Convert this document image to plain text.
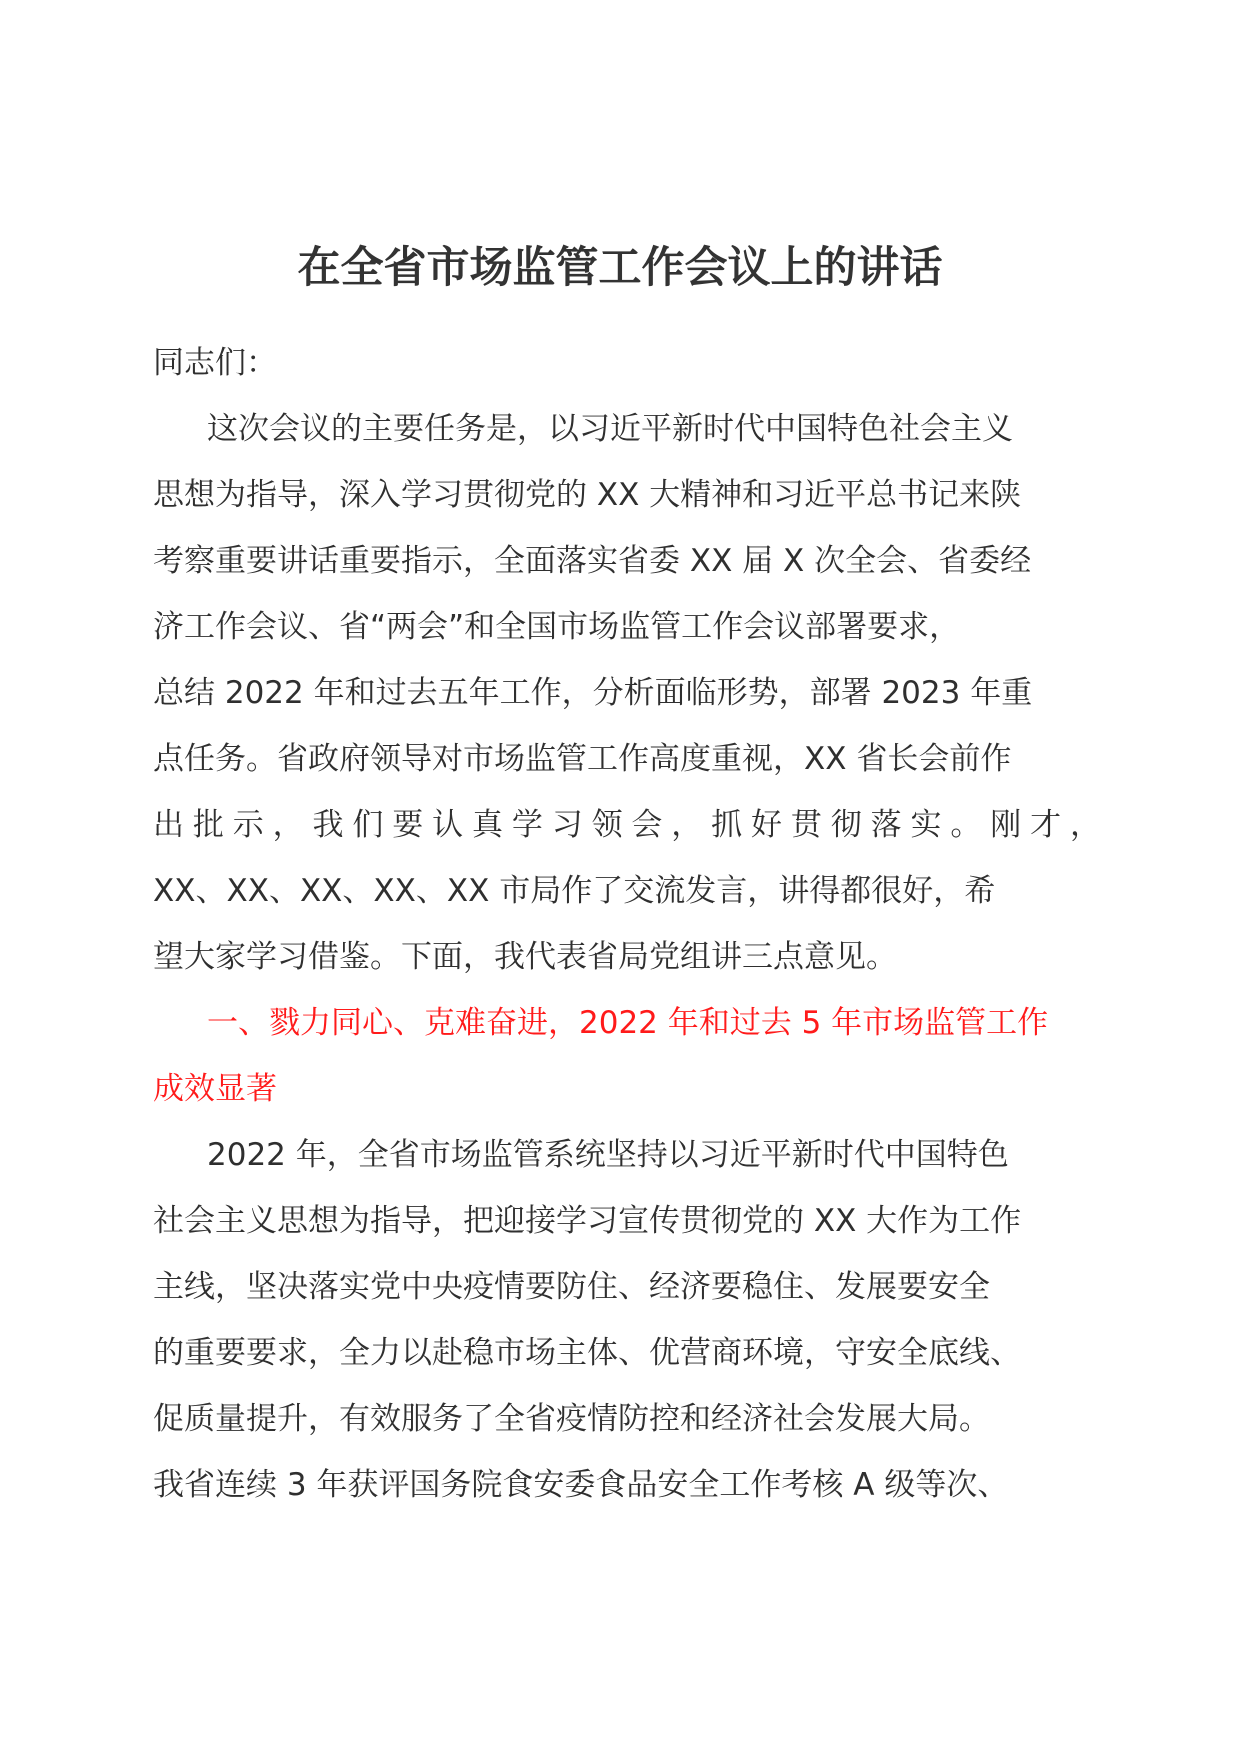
在全省市场监管工作会议上的讲话
同志们：
这次会议的主要任务是，以习近平新时代中国特色社会主义
思想为指导，深入学习贯彻党的 XX 大精神和习近平总书记来陕
考察重要讲话重要指示，全面落实省委 XX 届 X 次全会、省委经
济工作会议、省“两会”和全国市场监管工作会议部署要求，
总结 2022 年和过去五年工作，分析面临形势，部署 2023 年重
点任务。省政府领导对市场监管工作高度重视，XX 省长会前作
出批示，我们要认真学习领会，抓好贯彻落实。刚才，
XX、XX、XX、XX、XX 市局作了交流发言，讲得都很好，希
望大家学习借鉴。下面，我代表省局党组讲三点意见。
一、戮力同心、克难奋进，2022 年和过去 5 年市场监管工作
成效显著
2022 年，全省市场监管系统坚持以习近平新时代中国特色
社会主义思想为指导，把迎接学习宣传贯彻党的 XX 大作为工作
主线，坚决落实党中央疫情要防住、经济要稳住、发展要安全
的重要要求，全力以赴稳市场主体、优营商环境，守安全底线、
促质量提升，有效服务了全省疫情防控和经济社会发展大局。
我省连续 3 年获评国务院食安委食品安全工作考核 A 级等次、
